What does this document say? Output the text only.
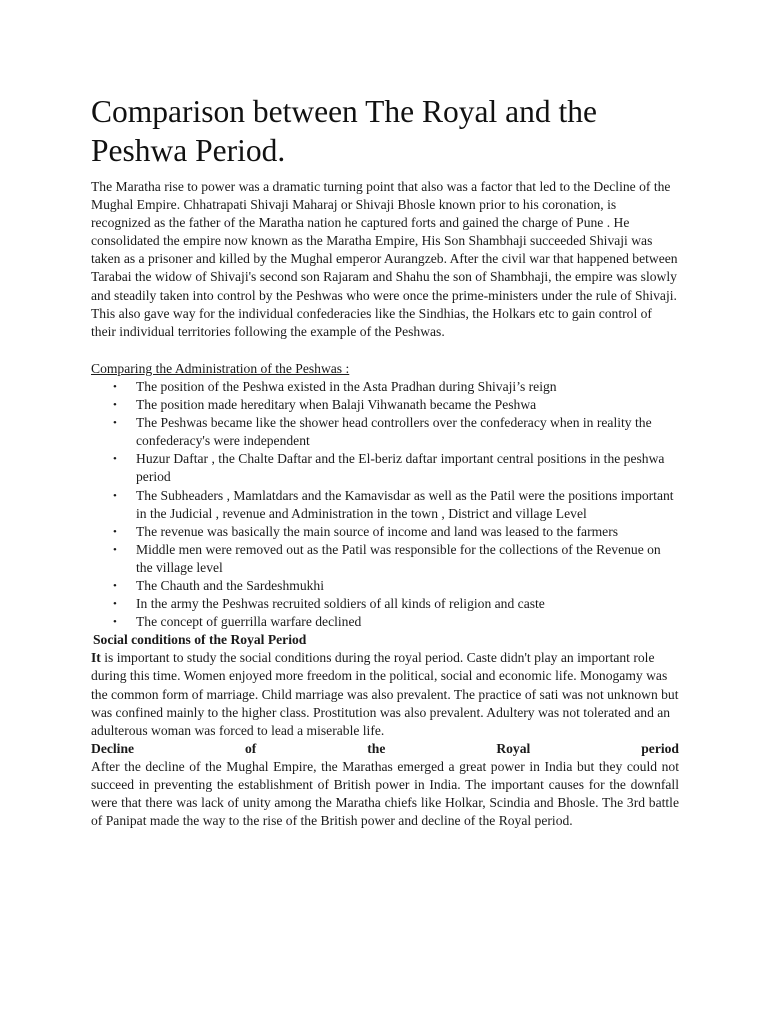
Comparison between The Royal and the Peshwa Period.

The Maratha rise to power was a dramatic turning point that also was a factor that led to the Decline of the Mughal Empire. Chhatrapati Shivaji Maharaj or Shivaji Bhosle known prior to his coronation, is recognized as the father of the Maratha nation he captured forts and gained the charge of Pune . He consolidated the empire now known as the Maratha Empire, His Son Shambhaji succeeded Shivaji was taken as a prisoner and killed by the Mughal emperor Aurangzeb. After the civil war that happened between Tarabai the widow of Shivaji's second son Rajaram and Shahu the son of Shambhaji, the empire was slowly and steadily taken into control by the Peshwas who were once the prime-ministers under the rule of Shivaji. This also gave way for the individual confederacies like the Sindhias, the Holkars etc to gain control of their individual territories following the example of the Peshwas.

Comparing the Administration of the Peshwas :

• The position of the Peshwa existed in the Asta Pradhan during Shivaji’s reign
• The position made hereditary when Balaji Vihwanath became the Peshwa
• The Peshwas became like the shower head controllers over the confederacy when in reality the confederacy's were independent
• Huzur Daftar , the Chalte Daftar and the El-beriz daftar important central positions in the peshwa period
• The Subheaders , Mamlatdars and the Kamavisdar as well as the Patil were the positions important in the Judicial , revenue and Administration in the town , District and village Level
• The revenue was basically the main source of income and land was leased to the farmers
• Middle men were removed out as the Patil was responsible for the collections of the Revenue on the village level
• The Chauth and the Sardeshmukhi
• In the army the Peshwas recruited soldiers of all kinds of religion and caste
• The concept of guerrilla warfare declined

Social conditions of the Royal Period

It is important to study the social conditions during the royal period. Caste didn't play an important role during this time. Women enjoyed more freedom in the political, social and economic life. Monogamy was the common form of marriage. Child marriage was also prevalent. The practice of sati was not unknown but was confined mainly to the higher class. Prostitution was also prevalent. Adultery was not tolerated and an adulterous woman was forced to lead a miserable life.

Decline	of	the	Royal	period

After the decline of the Mughal Empire, the Marathas emerged a great power in India but they could not succeed in preventing the establishment of British power in India. The important causes for the downfall were that there was lack of unity among the Maratha chiefs like Holkar, Scindia and Bhosle. The 3rd battle of Panipat made the way to the rise of the British power and decline of the Royal period.
